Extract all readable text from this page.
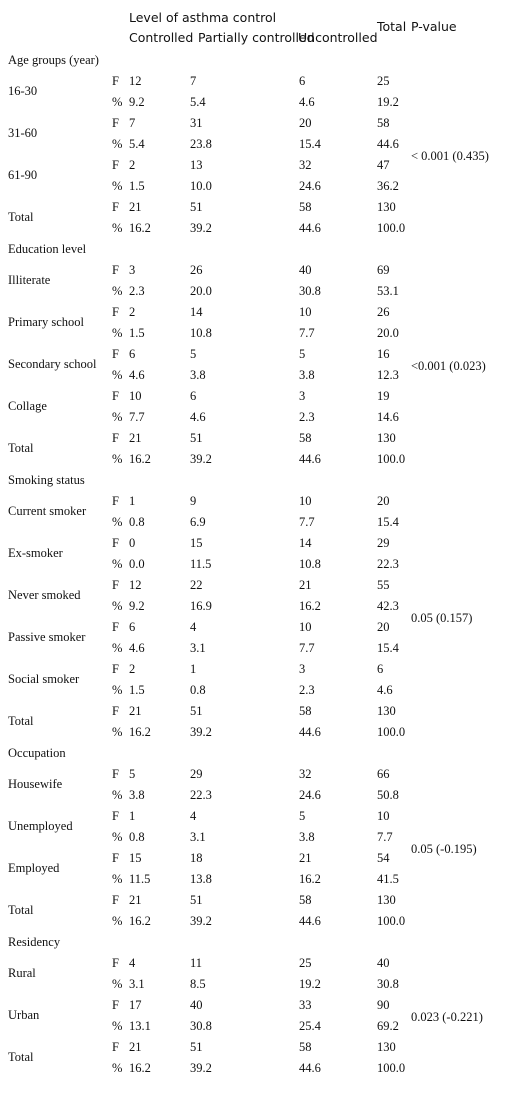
Level of asthma control
Controlled Partially controlled
Uncontrolled
Total P-value
Age groups (year)
16-30
F
%
12
9.2
7
5.4
6
4.6
25
19.2
31-60
F
%
7
5.4
31
23.8
20
15.4
58
44.6
61-90
F
%
2
1.5
13
10.0
32
24.6
47
36.2
Total
F
%
21
16.2
51
39.2
58
44.6
130
100.0
< 0.001 (0.435)
Education level
Illiterate
F
%
3
2.3
26
20.0
40
30.8
69
53.1
Primary school
F
%
2
1.5
14
10.8
10
7.7
26
20.0
Secondary school
F
%
6
4.6
5
3.8
5
3.8
16
12.3
Collage
F
%
10
7.7
6
4.6
3
2.3
19
14.6
Total
F
%
21
16.2
51
39.2
58
44.6
130
100.0
<0.001 (0.023)
Smoking status
Current smoker
F
%
1
0.8
9
6.9
10
7.7
20
15.4
Ex-smoker
F
%
0
0.0
15
11.5
14
10.8
29
22.3
Never smoked
F
%
12
9.2
22
16.9
21
16.2
55
42.3
Passive smoker
F
%
6
4.6
4
3.1
10
7.7
20
15.4
Social smoker
F
%
2
1.5
1
0.8
3
2.3
6
4.6
Total
F
%
21
16.2
51
39.2
58
44.6
130
100.0
0.05 (0.157)
Occupation
Housewife
F
%
5
3.8
29
22.3
32
24.6
66
50.8
Unemployed
F
%
1
0.8
4
3.1
5
3.8
10
7.7
Employed
F
%
15
11.5
18
13.8
21
16.2
54
41.5
Total
F
%
21
16.2
51
39.2
58
44.6
130
100.0
0.05 (-0.195)
Residency
Rural
F
%
4
3.1
11
8.5
25
19.2
40
30.8
Urban
F
%
17
13.1
40
30.8
33
25.4
90
69.2
Total
F
%
21
16.2
51
39.2
58
44.6
130
100.0
0.023 (-0.221)
